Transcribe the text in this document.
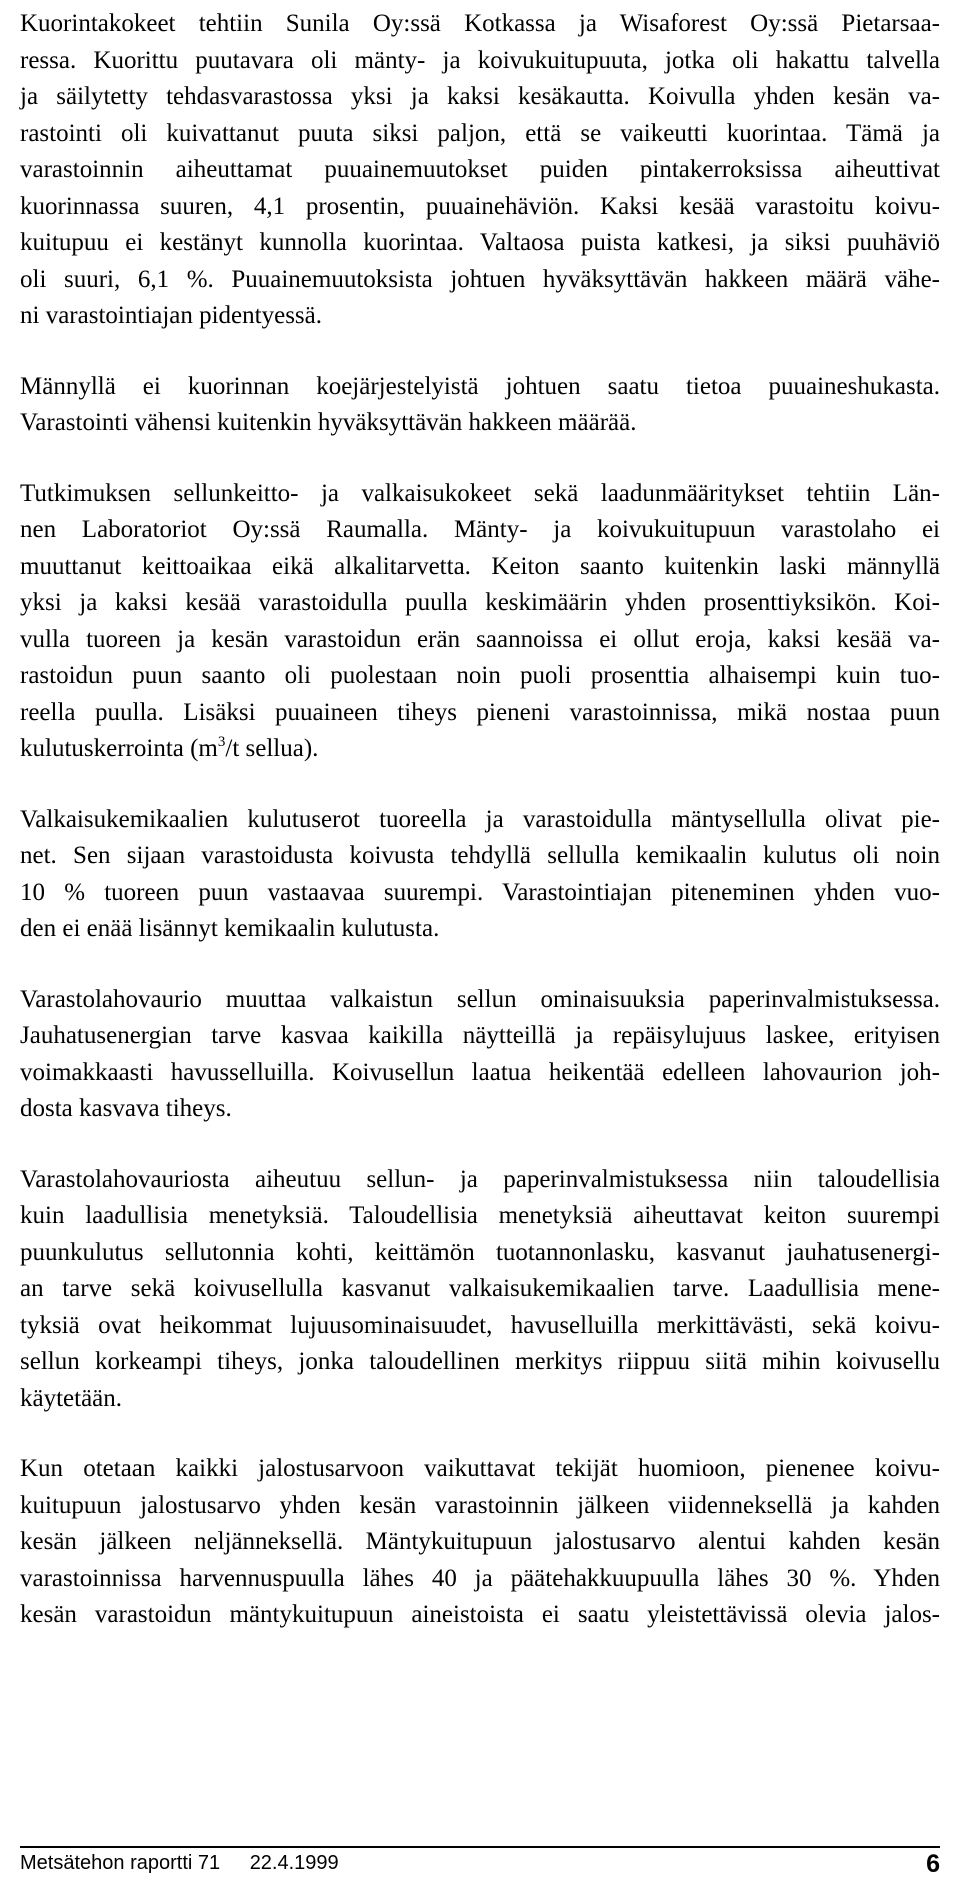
Kuorintakokeet tehtiin Sunila Oy:ssä Kotkassa ja Wisaforest Oy:ssä Pietarsaa-
ressa. Kuorittu puutavara oli mänty- ja koivukuitupuuta, jotka oli hakattu talvella
ja säilytetty tehdasvarastossa yksi ja kaksi kesäkautta. Koivulla yhden kesän va-
rastointi oli kuivattanut puuta siksi paljon, että se vaikeutti kuorintaa. Tämä ja
varastoinnin aiheuttamat puuainemuutokset puiden pintakerroksissa aiheuttivat
kuorinnassa suuren, 4,1 prosentin, puuainehäviön. Kaksi kesää varastoitu koivu-
kuitupuu ei kestänyt kunnolla kuorintaa. Valtaosa puista katkesi, ja siksi puuhäviö
oli suuri, 6,1 %. Puuainemuutoksista johtuen hyväksyttävän hakkeen määrä vähe-
ni varastointiajan pidentyessä.
Männyllä ei kuorinnan koejärjestelyistä johtuen saatu tietoa puuaineshukasta.
Varastointi vähensi kuitenkin hyväksyttävän hakkeen määrää.
Tutkimuksen sellunkeitto- ja valkaisukokeet sekä laadunmääritykset tehtiin Län-
nen Laboratoriot Oy:ssä Raumalla. Mänty- ja koivukuitupuun varastolaho ei
muuttanut keittoaikaa eikä alkalitarvetta. Keiton saanto kuitenkin laski männyllä
yksi ja kaksi kesää varastoidulla puulla keskimäärin yhden prosenttiyksikön. Koi-
vulla tuoreen ja kesän varastoidun erän saannoissa ei ollut eroja, kaksi kesää va-
rastoidun puun saanto oli puolestaan noin puoli prosenttia alhaisempi kuin tuo-
reella puulla. Lisäksi puuaineen tiheys pieneni varastoinnissa, mikä nostaa puun
kulutuskerrointa ($m^3/t$ sellua).
Valkaisukemikaalien kulutuserot tuoreella ja varastoidulla mäntysellulla olivat pie-
net. Sen sijaan varastoidusta koivusta tehdyllä sellulla kemikaalin kulutus oli noin
10 % tuoreen puun vastaavaa suurempi. Varastointiajan piteneminen yhden vuo-
den ei enää lisännyt kemikaalin kulutusta.
Varastolahovaurio muuttaa valkaistun sellun ominaisuuksia paperinvalmistuksessa.
Jauhatusenergian tarve kasvaa kaikilla näytteillä ja repäisylujuus laskee, erityisen
voimakkaasti havusselluilla. Koivusellun laatua heikentää edelleen lahovaurion joh-
dosta kasvava tiheys.
Varastolahovauriosta aiheutuu sellun- ja paperinvalmistuksessa niin taloudellisia
kuin laadullisia menetyksiä. Taloudellisia menetyksiä aiheuttavat keiton suurempi
puunkulutus sellutonnia kohti, keittämön tuotannonlasku, kasvanut jauhatusenergi-
an tarve sekä koivusellulla kasvanut valkaisukemikaalien tarve. Laadullisia mene-
tyksiä ovat heikommat lujuusominaisuudet, havuselluilla merkittävästi, sekä koivu-
sellun korkeampi tiheys, jonka taloudellinen merkitys riippuu siitä mihin koivusellu
käytetään.
Kun otetaan kaikki jalostusarvoon vaikuttavat tekijät huomioon, pienenee koivu-
kuitupuun jalostusarvo yhden kesän varastoinnin jälkeen viidenneksellä ja kahden
kesän jälkeen neljänneksellä. Mäntykuitupuun jalostusarvo alentui kahden kesän
varastoinnissa harvennuspuulla lähes 40 ja päätehakkuupuulla lähes 30 %. Yhden
kesän varastoidun mäntykuitupuun aineistoista ei saatu yleistettävissä olevia jalos-
Metsätehon raportti 71 22.4.1999	6
